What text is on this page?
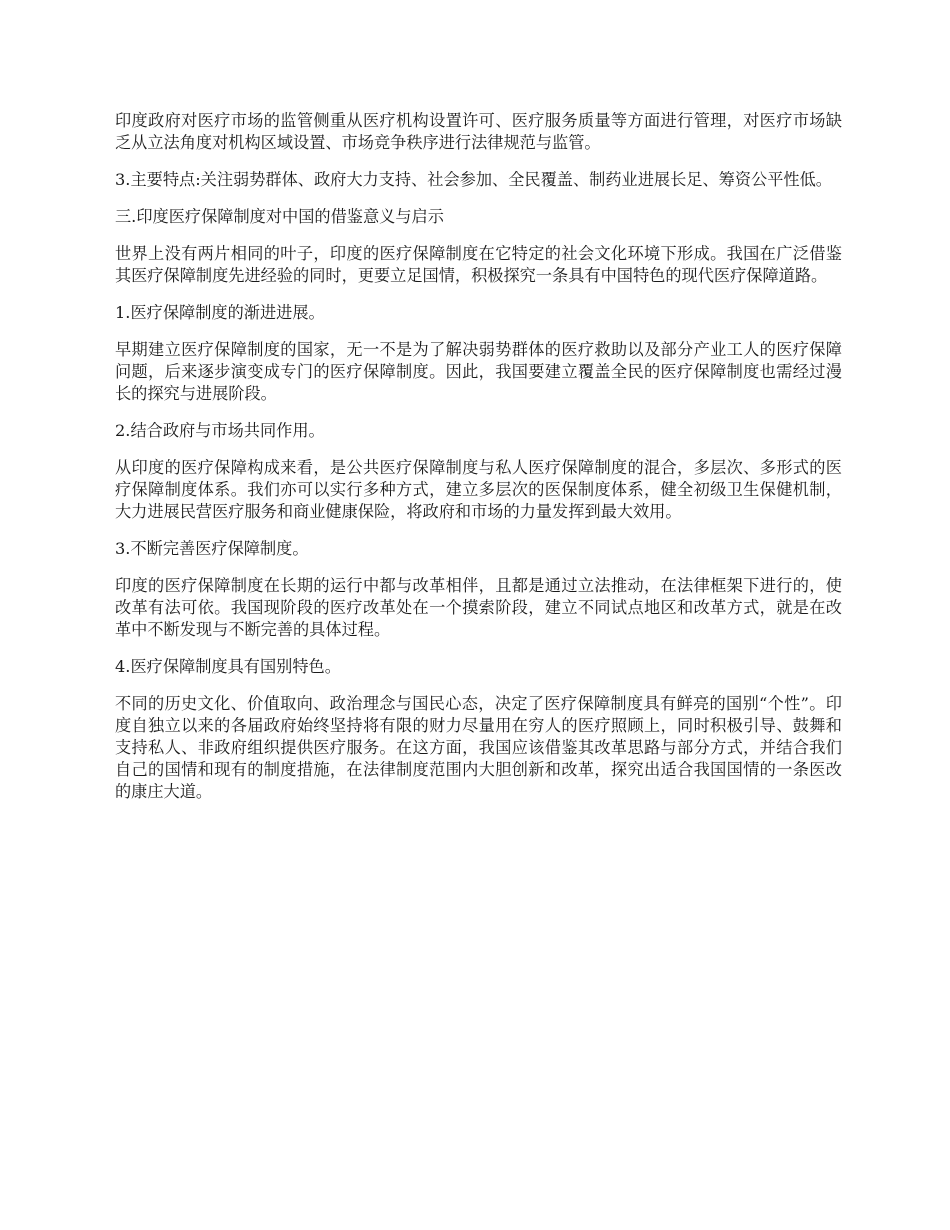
印度政府对医疗市场的监管侧重从医疗机构设置许可、医疗服务质量等方面进行管理，对医疗市场缺乏从立法角度对机构区域设置、市场竞争秩序进行法律规范与监管。

3.主要特点:关注弱势群体、政府大力支持、社会参加、全民覆盖、制药业进展长足、筹资公平性低。

三.印度医疗保障制度对中国的借鉴意义与启示

世界上没有两片相同的叶子，印度的医疗保障制度在它特定的社会文化环境下形成。我国在广泛借鉴其医疗保障制度先进经验的同时，更要立足国情，积极探究一条具有中国特色的现代医疗保障道路。

1.医疗保障制度的渐进进展。

早期建立医疗保障制度的国家，无一不是为了解决弱势群体的医疗救助以及部分产业工人的医疗保障问题，后来逐步演变成专门的医疗保障制度。因此，我国要建立覆盖全民的医疗保障制度也需经过漫长的探究与进展阶段。

2.结合政府与市场共同作用。

从印度的医疗保障构成来看，是公共医疗保障制度与私人医疗保障制度的混合，多层次、多形式的医疗保障制度体系。我们亦可以实行多种方式，建立多层次的医保制度体系，健全初级卫生保健机制，大力进展民营医疗服务和商业健康保险，将政府和市场的力量发挥到最大效用。

3.不断完善医疗保障制度。

印度的医疗保障制度在长期的运行中都与改革相伴，且都是通过立法推动，在法律框架下进行的，使改革有法可依。我国现阶段的医疗改革处在一个摸索阶段，建立不同试点地区和改革方式，就是在改革中不断发现与不断完善的具体过程。

4.医疗保障制度具有国别特色。

不同的历史文化、价值取向、政治理念与国民心态，决定了医疗保障制度具有鲜亮的国别“个性”。印度自独立以来的各届政府始终坚持将有限的财力尽量用在穷人的医疗照顾上，同时积极引导、鼓舞和支持私人、非政府组织提供医疗服务。在这方面，我国应该借鉴其改革思路与部分方式，并结合我们自己的国情和现有的制度措施，在法律制度范围内大胆创新和改革，探究出适合我国国情的一条医改的康庄大道。
